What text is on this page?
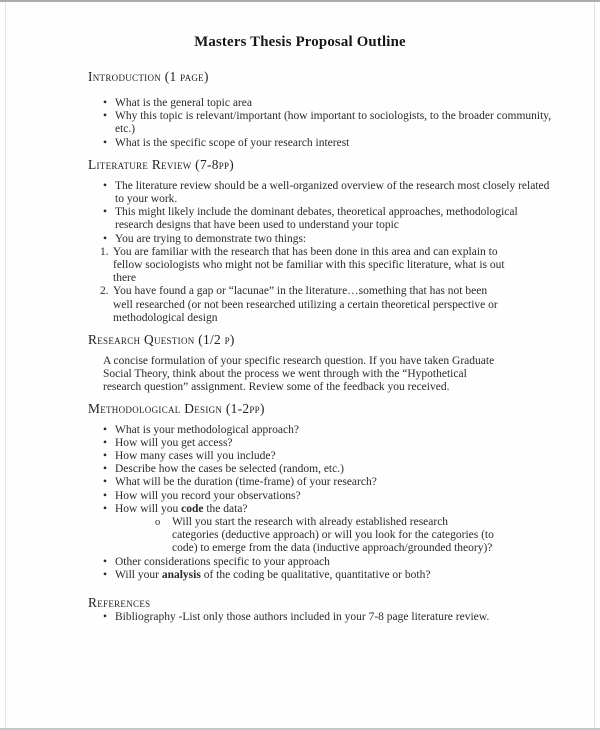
Masters Thesis Proposal Outline
Introduction (1 page)
• What is the general topic area
• Why this topic is relevant/important (how important to sociologists, to the broader community, etc.)
• What is the specific scope of your research interest
Literature Review (7-8pp)
• The literature review should be a well-organized overview of the research most closely related to your work.
• This might likely include the dominant debates, theoretical approaches, methodological research designs that have been used to understand your topic
• You are trying to demonstrate two things:
1. You are familiar with the research that has been done in this area and can explain to fellow sociologists who might not be familiar with this specific literature, what is out there
2. You have found a gap or “lacunae” in the literature…something that has not been well researched (or not been researched utilizing a certain theoretical perspective or methodological design
Research Question (1/2 p)

A concise formulation of your specific research question. If you have taken Graduate Social Theory, think about the process we went through with the “Hypothetical research question” assignment. Review some of the feedback you received.

Methodological Design (1-2pp)
• What is your methodological approach?
• How will you get access?
• How many cases will you include?
• Describe how the cases be selected (random, etc.)
• What will be the duration (time-frame) of your research?
• How will you record your observations?
• How will you code the data?
o Will you start the research with already established research categories (deductive approach) or will you look for the categories (to code) to emerge from the data (inductive approach/grounded theory)?
• Other considerations specific to your approach
• Will your analysis of the coding be qualitative, quantitative or both?
References
• Bibliography -List only those authors included in your 7-8 page literature review.
